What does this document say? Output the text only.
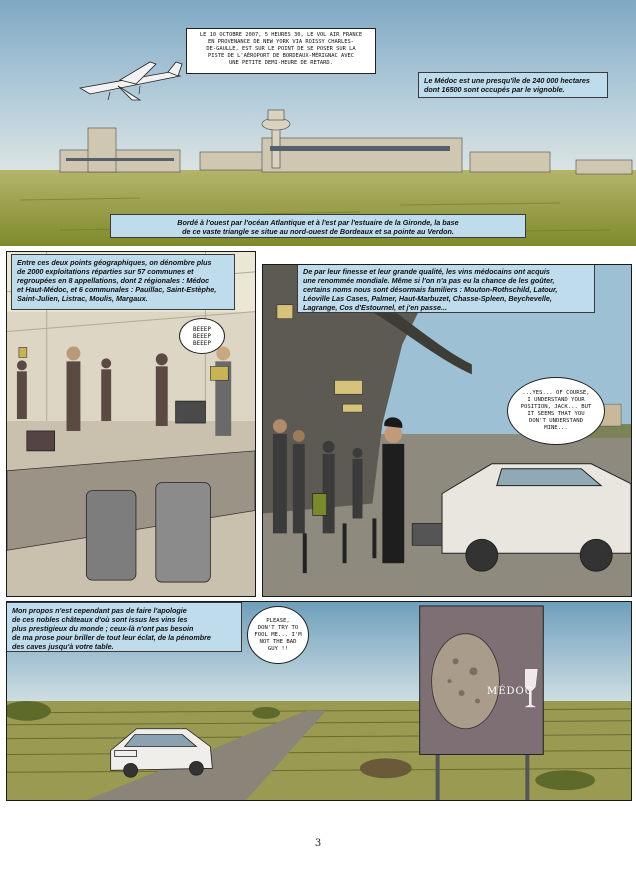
LE 10 OCTOBRE 2007, 5 HEURES 30, LE VOL AIR FRANCE
EN PROVENANCE DE NEW YORK VIA ROISSY CHARLES-
DE-GAULLE, EST SUR LE POINT DE SE POSER SUR LA
PISTE DE L'AÉROPORT DE BORDEAUX-MÉRIGNAC AVEC
UNE PETITE DEMI-HEURE DE RETARD.
Le Médoc est une presqu'île de 240 000 hectares
dont 16500 sont occupés par le vignoble.
Bordé à l'ouest par l'océan Atlantique et à l'est par l'estuaire de la Gironde, la base
de ce vaste triangle se situe au nord-ouest de Bordeaux et sa pointe au Verdon.
Entre ces deux points géographiques, on dénombre plus
de 2000 exploitations réparties sur 57 communes et
regroupées en 8 appellations, dont 2 régionales : Médoc
et Haut-Médoc, et 6 communales : Pauillac, Saint-Estèphe,
Saint-Julien, Listrac, Moulis, Margaux.
BEEEP
BEEEP
BEEEP
De par leur finesse et leur grande qualité, les vins médocains ont acquis
une renommée mondiale. Même si l'on n'a pas eu la chance de les goûter,
certains noms nous sont désormais familiers : Mouton-Rothschild, Latour,
Léoville Las Cases, Palmer, Haut-Marbuzet, Chasse-Spleen, Beychevelle,
Lagrange, Cos d'Estournel, et j'en passe...
...YES... OF COURSE,
I UNDERSTAND YOUR
POSITION, JACK... BUT
IT SEEMS THAT YOU
DON'T UNDERSTAND
MINE...
Mon propos n'est cependant pas de faire l'apologie
de ces nobles châteaux d'où sont issus les vins les
plus prestigieux du monde ; ceux-là n'ont pas besoin
de ma prose pour briller de tout leur éclat, de la pénombre
des caves jusqu'à votre table.
PLEASE,
DON'T TRY TO
FOOL ME... I'M
NOT THE BAD
GUY !!
MÉDOC
3
